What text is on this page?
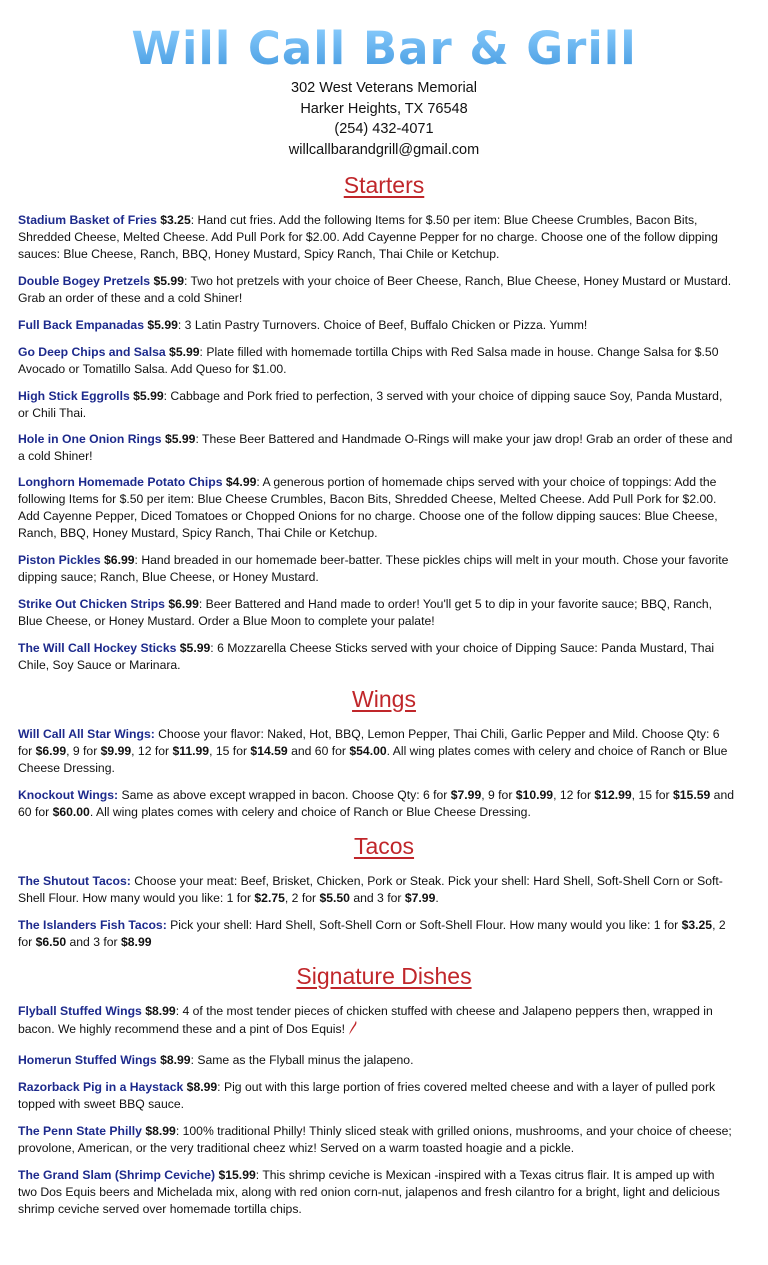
Will Call Bar & Grill
302 West Veterans Memorial
Harker Heights, TX 76548
(254) 432-4071
willcallbarandgrill@gmail.com
Starters
Stadium Basket of Fries $3.25: Hand cut fries. Add the following Items for $.50 per item: Blue Cheese Crumbles, Bacon Bits, Shredded Cheese, Melted Cheese. Add Pull Pork for $2.00. Add Cayenne Pepper for no charge. Choose one of the follow dipping sauces: Blue Cheese, Ranch, BBQ, Honey Mustard, Spicy Ranch, Thai Chile or Ketchup.
Double Bogey Pretzels $5.99: Two hot pretzels with your choice of Beer Cheese, Ranch, Blue Cheese, Honey Mustard or Mustard. Grab an order of these and a cold Shiner!
Full Back Empanadas $5.99: 3 Latin Pastry Turnovers. Choice of Beef, Buffalo Chicken or Pizza. Yumm!
Go Deep Chips and Salsa $5.99: Plate filled with homemade tortilla Chips with Red Salsa made in house. Change Salsa for $.50 Avocado or Tomatillo Salsa. Add Queso for $1.00.
High Stick Eggrolls $5.99: Cabbage and Pork fried to perfection, 3 served with your choice of dipping sauce Soy, Panda Mustard, or Chili Thai.
Hole in One Onion Rings $5.99: These Beer Battered and Handmade O-Rings will make your jaw drop! Grab an order of these and a cold Shiner!
Longhorn Homemade Potato Chips $4.99: A generous portion of homemade chips served with your choice of toppings: Add the following Items for $.50 per item: Blue Cheese Crumbles, Bacon Bits, Shredded Cheese, Melted Cheese. Add Pull Pork for $2.00. Add Cayenne Pepper, Diced Tomatoes or Chopped Onions for no charge. Choose one of the follow dipping sauces: Blue Cheese, Ranch, BBQ, Honey Mustard, Spicy Ranch, Thai Chile or Ketchup.
Piston Pickles $6.99: Hand breaded in our homemade beer-batter. These pickles chips will melt in your mouth. Chose your favorite dipping sauce; Ranch, Blue Cheese, or Honey Mustard.
Strike Out Chicken Strips $6.99: Beer Battered and Hand made to order! You'll get 5 to dip in your favorite sauce; BBQ, Ranch, Blue Cheese, or Honey Mustard. Order a Blue Moon to complete your palate!
The Will Call Hockey Sticks $5.99: 6 Mozzarella Cheese Sticks served with your choice of Dipping Sauce: Panda Mustard, Thai Chile, Soy Sauce or Marinara.
Wings
Will Call All Star Wings: Choose your flavor: Naked, Hot, BBQ, Lemon Pepper, Thai Chili, Garlic Pepper and Mild. Choose Qty: 6 for $6.99, 9 for $9.99, 12 for $11.99, 15 for $14.59 and 60 for $54.00. All wing plates comes with celery and choice of Ranch or Blue Cheese Dressing.
Knockout Wings: Same as above except wrapped in bacon. Choose Qty: 6 for $7.99, 9 for $10.99, 12 for $12.99, 15 for $15.59 and 60 for $60.00. All wing plates comes with celery and choice of Ranch or Blue Cheese Dressing.
Tacos
The Shutout Tacos: Choose your meat: Beef, Brisket, Chicken, Pork or Steak. Pick your shell: Hard Shell, Soft-Shell Corn or Soft-Shell Flour. How many would you like: 1 for $2.75, 2 for $5.50 and 3 for $7.99.
The Islanders Fish Tacos: Pick your shell: Hard Shell, Soft-Shell Corn or Soft-Shell Flour. How many would you like: 1 for $3.25, 2 for $6.50 and 3 for $8.99
Signature Dishes
Flyball Stuffed Wings $8.99: 4 of the most tender pieces of chicken stuffed with cheese and Jalapeno peppers then, wrapped in bacon. We highly recommend these and a pint of Dos Equis!
Homerun Stuffed Wings $8.99: Same as the Flyball minus the jalapeno.
Razorback Pig in a Haystack $8.99: Pig out with this large portion of fries covered melted cheese and with a layer of pulled pork topped with sweet BBQ sauce.
The Penn State Philly $8.99: 100% traditional Philly! Thinly sliced steak with grilled onions, mushrooms, and your choice of cheese; provolone, American, or the very traditional cheez whiz! Served on a warm toasted hoagie and a pickle.
The Grand Slam (Shrimp Ceviche) $15.99: This shrimp ceviche is Mexican -inspired with a Texas citrus flair. It is amped up with two Dos Equis beers and Michelada mix, along with red onion corn-nut, jalapenos and fresh cilantro for a bright, light and delicious shrimp ceviche served over homemade tortilla chips.
